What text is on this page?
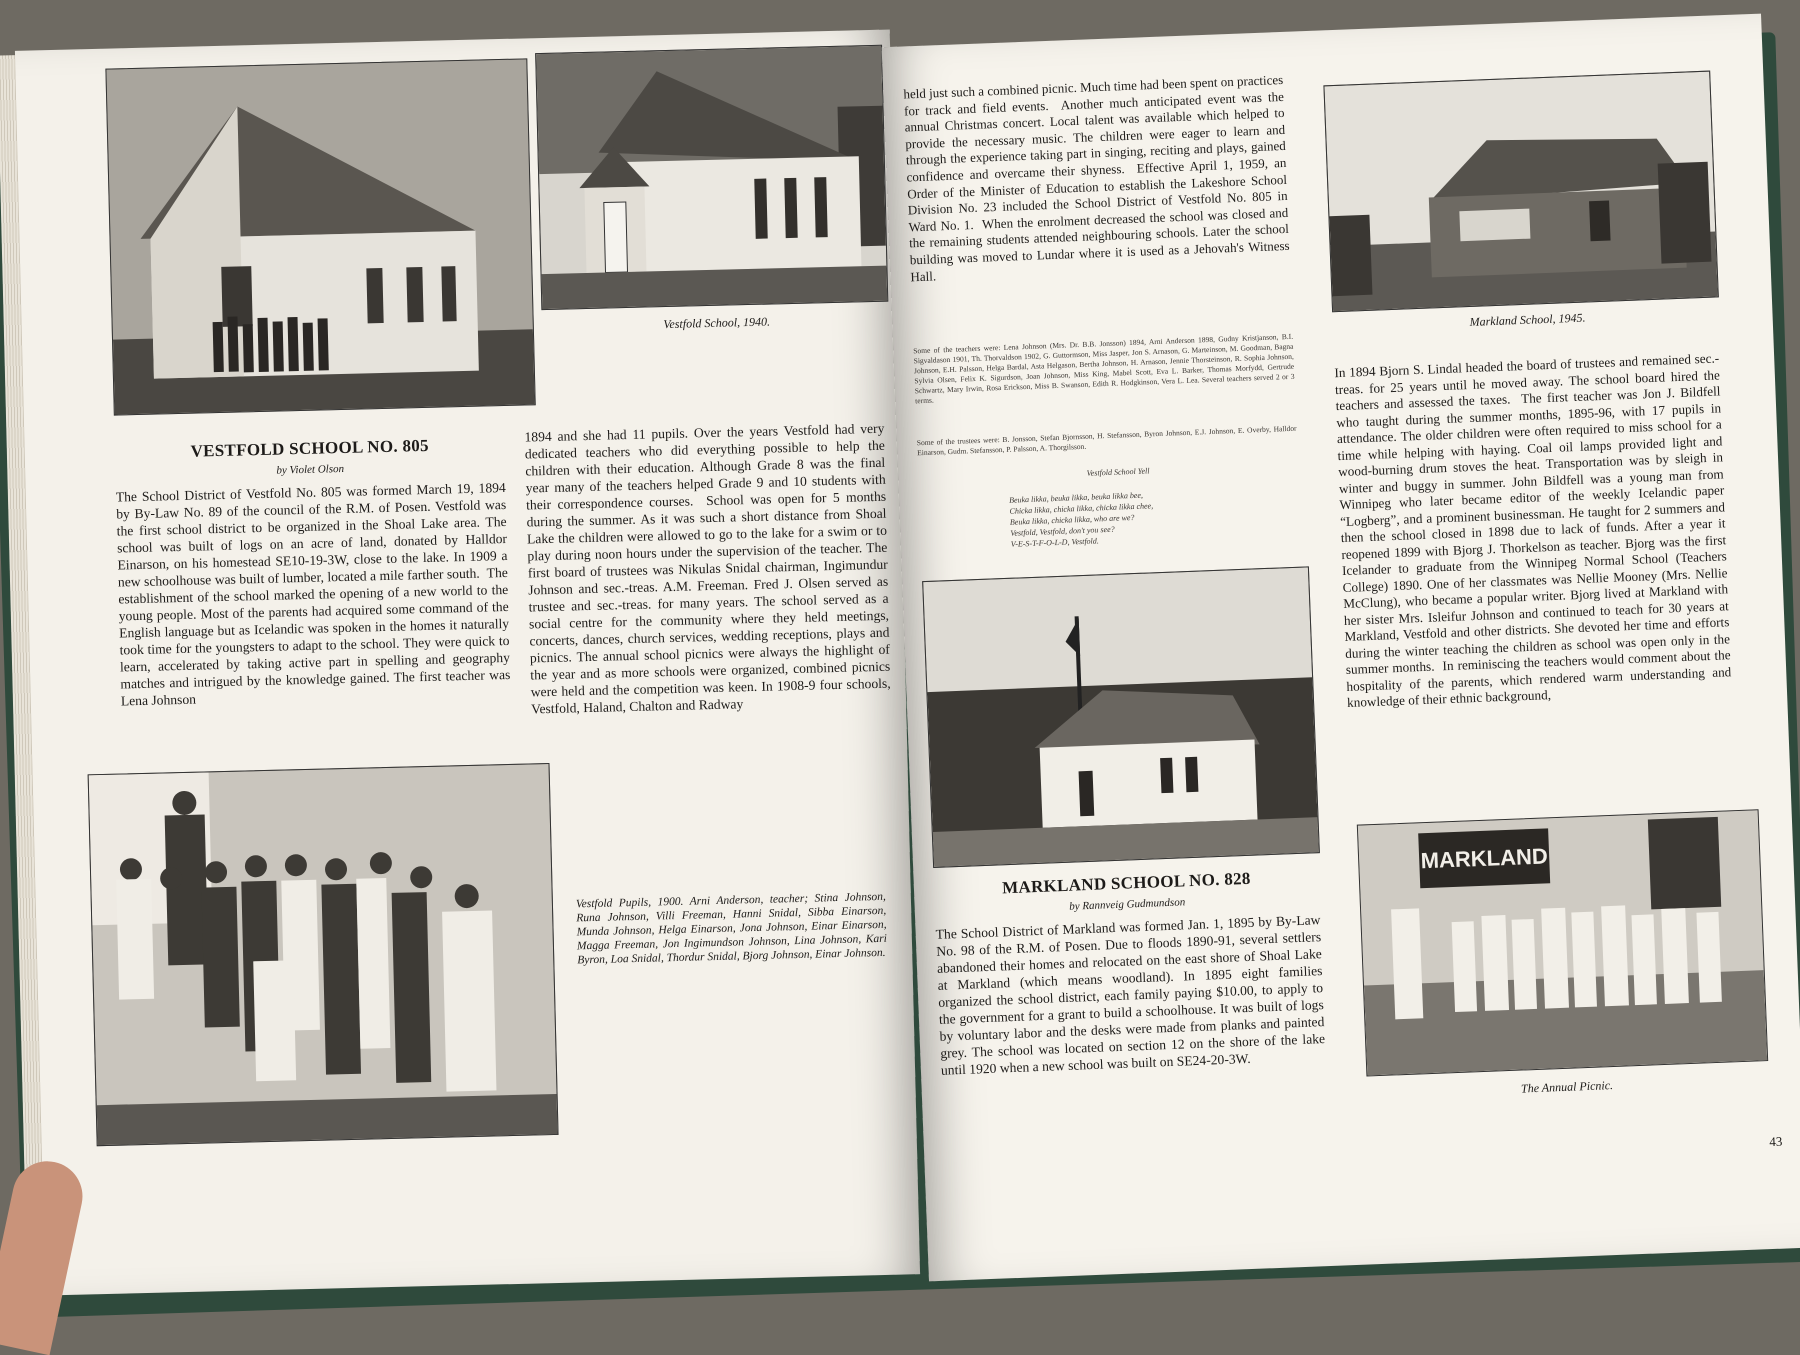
Vestfold School, 1940.
VESTFOLD SCHOOL NO. 805
by Violet Olson
The School District of Vestfold No. 805 was formed March 19, 1894 by By-Law No. 89 of the council of the R.M. of Posen. Vestfold was the first school district to be organized in the Shoal Lake area. The school was built of logs on an acre of land, donated by Halldor Einarson, on his homestead SE10-19-3W, close to the lake. In 1909 a new schoolhouse was built of lumber, located a mile farther south.  The establishment of the school marked the opening of a new world to the young people. Most of the parents had acquired some command of the English language but as Icelandic was spoken in the homes it naturally took time for the youngsters to adapt to the school. They were quick to learn, accelerated by taking active part in spelling and geography matches and intrigued by the knowledge gained. The first teacher was Lena Johnson
1894 and she had 11 pupils. Over the years Vestfold had very dedicated teachers who did everything possible to help the children with their education. Although Grade 8 was the final year many of the teachers helped Grade 9 and 10 students with their correspondence courses.  School was open for 5 months during the summer. As it was such a short distance from Shoal Lake the children were allowed to go to the lake for a swim or to play during noon hours under the supervision of the teacher. The first board of trustees was Nikulas Snidal chairman, Ingimundur Johnson and sec.-treas. A.M. Freeman. Fred J. Olsen served as trustee and sec.-treas. for many years. The school served as a social centre for the community where they held meetings, concerts, dances, church services, wedding receptions, plays and picnics. The annual school picnics were always the highlight of the year and as more schools were organized, combined picnics were held and the competition was keen. In 1908-9 four schools, Vestfold, Haland, Chalton and Radway
Vestfold Pupils, 1900. Arni Anderson, teacher; Stina Johnson, Runa Johnson, Villi Freeman, Hanni Snidal, Sibba Einarson, Munda Johnson, Helga Einarson, Jona Johnson, Einar Einarson, Magga Freeman, Jon Ingimundson Johnson, Lina Johnson, Kari Byron, Loa Snidal, Thordur Snidal, Bjorg Johnson, Einar Johnson.
held just such a combined picnic. Much time had been spent on practices for track and field events.  Another much anticipated event was the annual Christmas concert. Local talent was available which helped to provide the necessary music. The children were eager to learn and through the experience taking part in singing, reciting and plays, gained confidence and overcame their shyness.  Effective April 1, 1959, an Order of the Minister of Education to establish the Lakeshore School Division No. 23 included the School District of Vestfold No. 805 in Ward No. 1.  When the enrolment decreased the school was closed and the remaining students attended neighbouring schools. Later the school building was moved to Lundar where it is used as a Jehovah's Witness Hall.
Some of the teachers were: Lena Johnson (Mrs. Dr. B.B. Jonsson) 1894, Arni Anderson 1898, Gudny Kristjanson, B.I. Sigvaldason 1901, Th. Thorvaldson 1902, G. Guttormson, Miss Jasper, Jon S. Arnason, G. Marteinson, M. Goodman, Bagna Johnson, E.H. Palsson, Helga Bardal, Asta Helgason, Bertha Johnson, H. Arnason, Jennie Thorsteinson, R. Sophia Johnson, Sylvia Olsen, Felix K. Sigurdson, Joan Johnson, Miss King, Mabel Scott, Eva L. Barker, Thomas Morfydd, Gertrude Schwartz, Mary Irwin, Rosa Erickson, Miss B. Swanson, Edith R. Hodgkinson, Vera L. Lea. Several teachers served 2 or 3 terms.
Some of the trustees were: B. Jonsson, Stefan Bjornsson, H. Stefansson, Byron Johnson, E.J. Johnson, E. Overby, Halldor Einarson, Gudm. Stefansson, P. Palsson, A. Thorgilsson.
Vestfold School Yell
Beuka likka, beuka likka, beuka likka bee,
Chicka likka, chicka likka, chicka likka chee,
Beuka likka, chicka likka, who are we?
Vestfold, Vestfold, don't you see?
V-E-S-T-F-O-L-D, Vestfold.
Markland School, 1945.
In 1894 Bjorn S. Lindal headed the board of trustees and remained sec.-treas. for 25 years until he moved away. The school board hired the teachers and assessed the taxes.  The first teacher was Jon J. Bildfell who taught during the summer months, 1895-96, with 17 pupils in attendance. The older children were often required to miss school for a time while helping with haying. Coal oil lamps provided light and wood-burning drum stoves the heat. Transportation was by sleigh in winter and buggy in summer. John Bildfell was a young man from Winnipeg who later became editor of the weekly Icelandic paper “Logberg”, and a prominent businessman. He taught for 2 summers and then the school closed in 1898 due to lack of funds. After a year it reopened 1899 with Bjorg J. Thorkelson as teacher. Bjorg was the first Icelander to graduate from the Winnipeg Normal School (Teachers College) 1890. One of her classmates was Nellie Mooney (Mrs. Nellie McClung), who became a popular writer. Bjorg lived at Markland with her sister Mrs. Isleifur Johnson and continued to teach for 30 years at Markland, Vestfold and other districts. She devoted her time and efforts during the winter teaching the children as school was open only in the summer months.  In reminiscing the teachers would comment about the hospitality of the parents, which rendered warm understanding and knowledge of their ethnic background,
MARKLAND SCHOOL NO. 828
by Rannveig Gudmundson
The School District of Markland was formed Jan. 1, 1895 by By-Law No. 98 of the R.M. of Posen. Due to floods 1890-91, several settlers abandoned their homes and relocated on the east shore of Shoal Lake at Markland (which means woodland). In 1895 eight families organized the school district, each family paying $10.00, to apply to the government for a grant to build a schoolhouse. It was built of logs by voluntary labor and the desks were made from planks and painted grey. The school was located on section 12 on the shore of the lake until 1920 when a new school was built on SE24-20-3W.
MARKLAND
The Annual Picnic.
43
